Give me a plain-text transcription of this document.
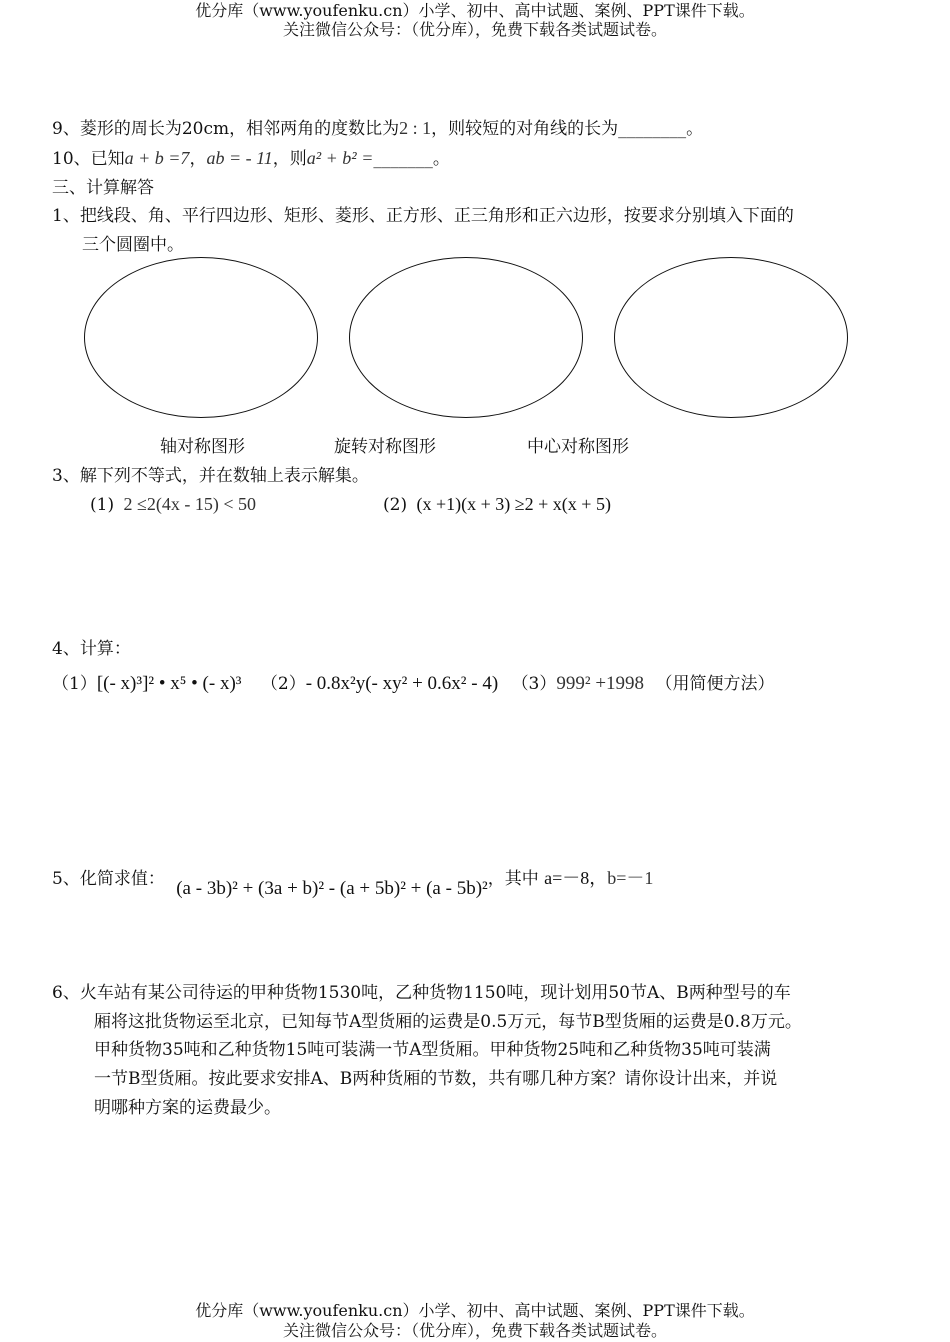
优分库（www.youfenku.cn）小学、初中、高中试题、案例、PPT课件下载。
关注微信公众号：（优分库），免费下载各类试题试卷。
9、菱形的周长为20cm，相邻两角的度数比为2 : 1，则较短的对角线的长为________。
10、已知a + b =7，ab = - 11，则a² + b² =_______。
三、计算解答
1、把线段、角、平行四边形、矩形、菱形、正方形、正三角形和正六边形，按要求分别填入下面的
三个圆圈中。
轴对称图形	旋转对称图形	中心对称图形
3、解下列不等式，并在数轴上表示解集。
(1) 2 ≤2(4x - 15) < 50	(2) (x +1)(x + 3) ≥2 + x(x + 5)
4、计算：
（1）[(- x)³]² • x⁵ • (- x)³ （2）- 0.8x²y(- xy² + 0.6x² - 4) （3）999² +1998 （用简便方法）
5、化简求值： (a - 3b)² + (3a + b)² - (a + 5b)² + (a - 5b)²，其中 a=－8，b=－1
6、火车站有某公司待运的甲种货物1530吨，乙种货物1150吨，现计划用50节A、B两种型号的车
厢将这批货物运至北京，已知每节A型货厢的运费是0.5万元，每节B型货厢的运费是0.8万元。
甲种货物35吨和乙种货物15吨可装满一节A型货厢。甲种货物25吨和乙种货物35吨可装满
一节B型货厢。按此要求安排A、B两种货厢的节数，共有哪几种方案？请你设计出来，并说
明哪种方案的运费最少。
优分库（www.youfenku.cn）小学、初中、高中试题、案例、PPT课件下载。
关注微信公众号：（优分库），免费下载各类试题试卷。
